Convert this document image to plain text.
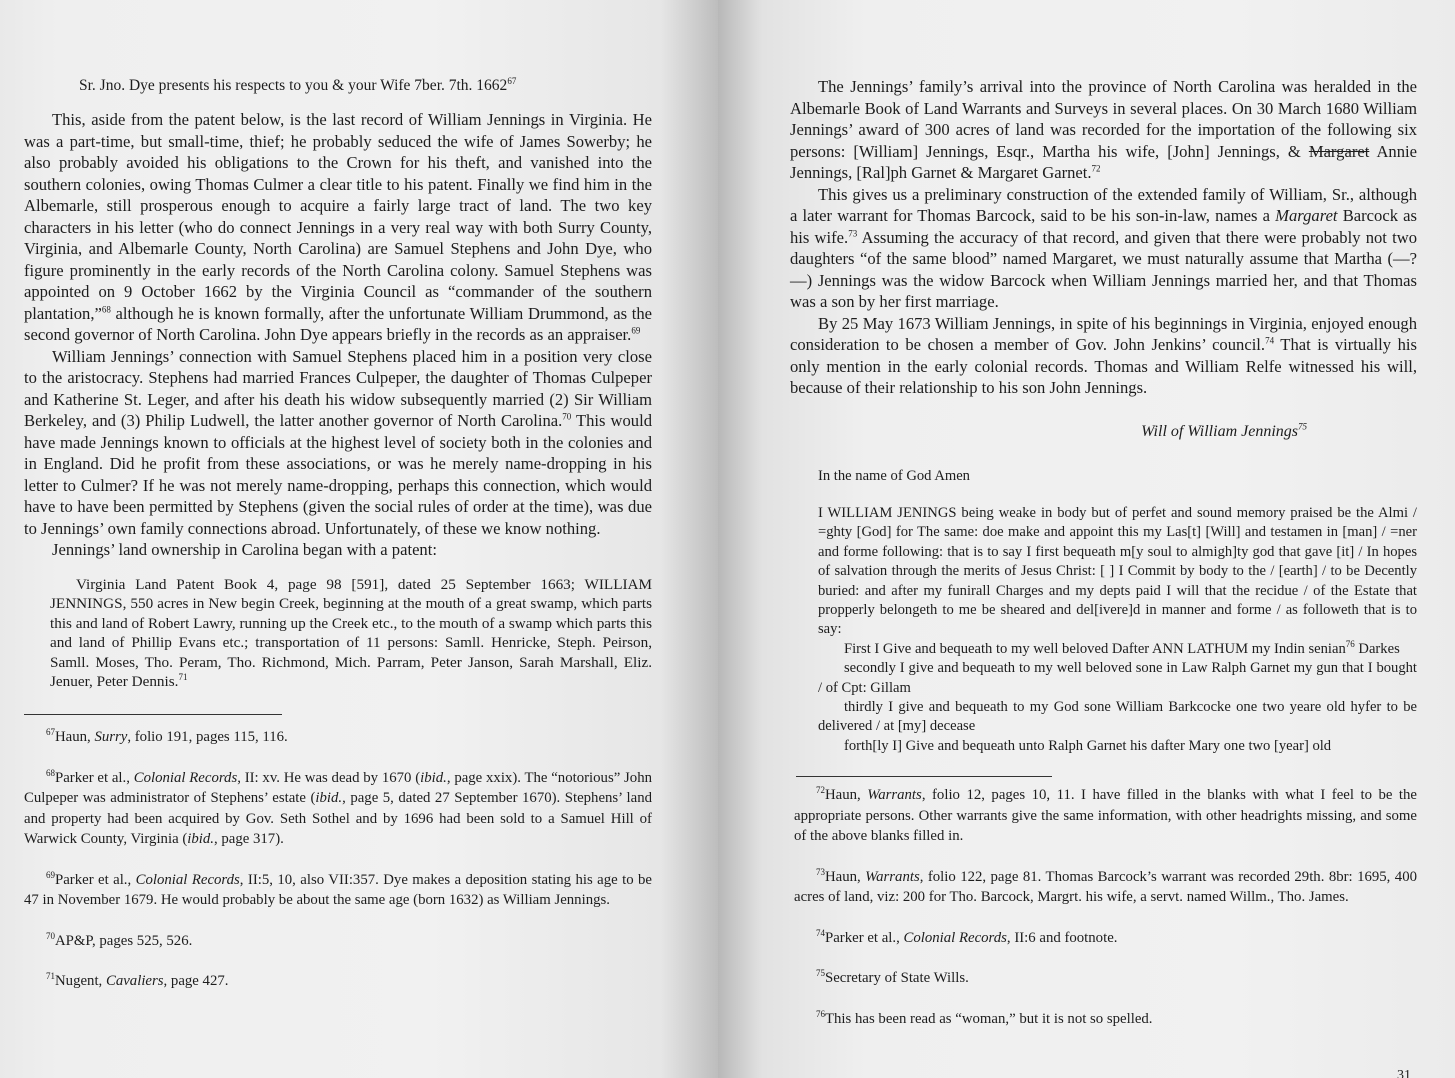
Sr. Jno. Dye presents his respects to you & your Wife 7ber. 7th. 1662$^{67}$

This, aside from the patent below, is the last record of William Jennings in Virginia. He was a part-time, but small-time, thief; he probably seduced the wife of James Sowerby; he also probably avoided his obligations to the Crown for his theft, and vanished into the southern colonies, owing Thomas Culmer a clear title to his patent. Finally we find him in the Albemarle, still prosperous enough to acquire a fairly large tract of land. The two key characters in his letter (who do connect Jennings in a very real way with both Surry County, Virginia, and Albemarle County, North Carolina) are Samuel Stephens and John Dye, who figure prominently in the early records of the North Carolina colony. Samuel Stephens was appointed on 9 October 1662 by the Virginia Council as “commander of the southern plantation,”$^{68}$ although he is known formally, after the unfortunate William Drummond, as the second governor of North Carolina. John Dye appears briefly in the records as an appraiser.$^{69}$

William Jennings’ connection with Samuel Stephens placed him in a position very close to the aristocracy. Stephens had married Frances Culpeper, the daughter of Thomas Culpeper and Katherine St. Leger, and after his death his widow subsequently married (2) Sir William Berkeley, and (3) Philip Ludwell, the latter another governor of North Carolina.$^{70}$ This would have made Jennings known to officials at the highest level of society both in the colonies and in England. Did he profit from these associations, or was he merely name-dropping in his letter to Culmer? If he was not merely name-dropping, perhaps this connection, which would have to have been permitted by Stephens (given the social rules of order at the time), was due to Jennings’ own family connections abroad. Unfortunately, of these we know nothing.

Jennings’ land ownership in Carolina began with a patent:

Virginia Land Patent Book 4, page 98 [591], dated 25 September 1663; WILLIAM JENNINGS, 550 acres in New begin Creek, beginning at the mouth of a great swamp, which parts this and land of Robert Lawry, running up the Creek etc., to the mouth of a swamp which parts this and land of Phillip Evans etc.; transportation of 11 persons: Samll. Henricke, Steph. Peirson, Samll. Moses, Tho. Peram, Tho. Richmond, Mich. Parram, Peter Janson, Sarah Marshall, Eliz. Jenuer, Peter Dennis.$^{71}$

$^{67}$Haun, Surry, folio 191, pages 115, 116.

$^{68}$Parker et al., Colonial Records, II: xv. He was dead by 1670 (ibid., page xxix). The “notorious” John Culpeper was administrator of Stephens’ estate (ibid., page 5, dated 27 September 1670). Stephens’ land and property had been acquired by Gov. Seth Sothel and by 1696 had been sold to a Samuel Hill of Warwick County, Virginia (ibid., page 317).

$^{69}$Parker et al., Colonial Records, II:5, 10, also VII:357. Dye makes a deposition stating his age to be 47 in November 1679. He would probably be about the same age (born 1632) as William Jennings.

$^{70}$AP&P, pages 525, 526.

$^{71}$Nugent, Cavaliers, page 427.

The Jennings’ family’s arrival into the province of North Carolina was heralded in the Albemarle Book of Land Warrants and Surveys in several places. On 30 March 1680 William Jennings’ award of 300 acres of land was recorded for the importation of the following six persons: [William] Jennings, Esqr., Martha his wife, [John] Jennings, & Margaret Annie Jennings, [Ral]ph Garnet & Margaret Garnet.$^{72}$

This gives us a preliminary construction of the extended family of William, Sr., although a later warrant for Thomas Barcock, said to be his son-in-law, names a Margaret Barcock as his wife.$^{73}$ Assuming the accuracy of that record, and given that there were probably not two daughters “of the same blood” named Margaret, we must naturally assume that Martha (—?—) Jennings was the widow Barcock when William Jennings married her, and that Thomas was a son by her first marriage.

By 25 May 1673 William Jennings, in spite of his beginnings in Virginia, enjoyed enough consideration to be chosen a member of Gov. John Jenkins’ council.$^{74}$ That is virtually his only mention in the early colonial records. Thomas and William Relfe witnessed his will, because of their relationship to his son John Jennings.

Will of William Jennings$^{75}$

In the name of God Amen

I WILLIAM JENINGS being weake in body but of perfet and sound memory praised be the Almi / =ghty [God] for The same: doe make and appoint this my Las[t] [Will] and testamen in [man] / =ner and forme following: that is to say I first bequeath m[y soul to almigh]ty god that gave [it] / In hopes of salvation through the merits of Jesus Christ: [ ] I Commit by body to the / [earth] / to be Decently buried: and after my funirall Charges and my depts paid I will that the recidue / of the Estate that propperly belongeth to me be sheared and del[ivere]d in manner and forme / as followeth that is to say:

First I Give and bequeath to my well beloved Dafter ANN LATHUM my Indin senian$^{76}$ Darkes

secondly I give and bequeath to my well beloved sone in Law Ralph Garnet my gun that I bought / of Cpt: Gillam

thirdly I give and bequeath to my God sone William Barkcocke one two yeare old hyfer to be delivered / at [my] decease

forth[ly I] Give and bequeath unto Ralph Garnet his dafter Mary one two [year] old

$^{72}$Haun, Warrants, folio 12, pages 10, 11. I have filled in the blanks with what I feel to be the appropriate persons. Other warrants give the same information, with other headrights missing, and some of the above blanks filled in.

$^{73}$Haun, Warrants, folio 122, page 81. Thomas Barcock’s warrant was recorded 29th. 8br: 1695, 400 acres of land, viz: 200 for Tho. Barcock, Margrt. his wife, a servt. named Willm., Tho. James.

$^{74}$Parker et al., Colonial Records, II:6 and footnote.

$^{75}$Secretary of State Wills.

$^{76}$This has been read as “woman,” but it is not so spelled.

31
